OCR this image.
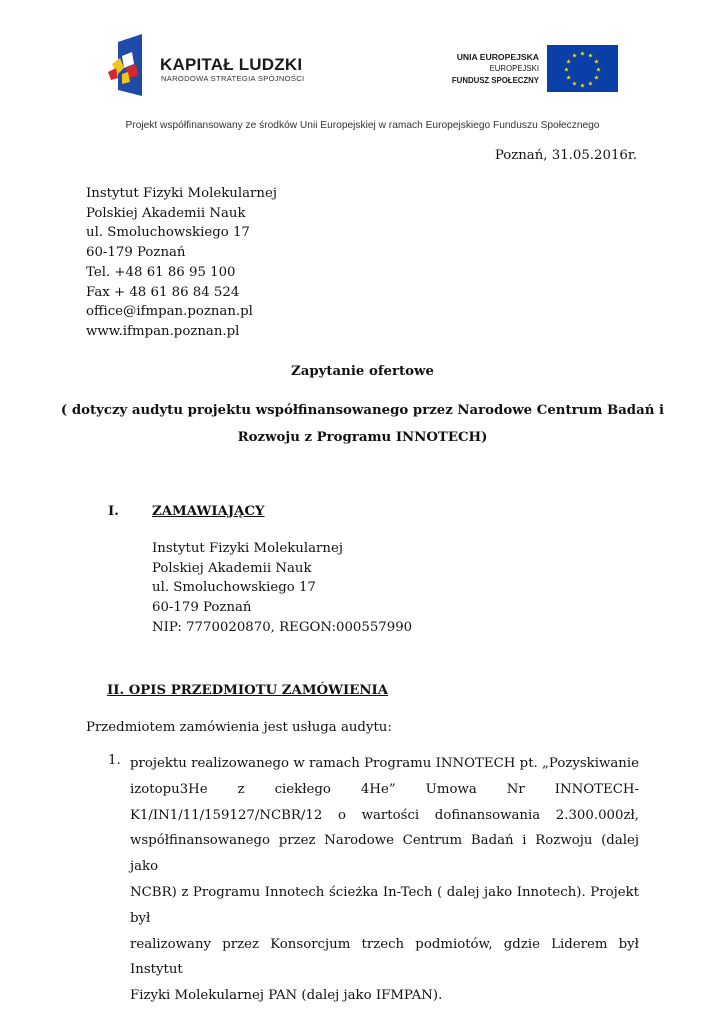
KAPITAŁ LUDZKI
NARODOWA STRATEGIA SPÓJNOŚCI
UNIA EUROPEJSKA
EUROPEJSKI
FUNDUSZ SPOŁECZNY
★ ★
★
★
★
★
★
★
★
★
★
★
Projekt współfinansowany ze środków Unii Europejskiej w ramach Europejskiego Funduszu Społecznego
Poznań, 31.05.2016r.
Instytut Fizyki Molekularnej
Polskiej Akademii Nauk
ul. Smoluchowskiego 17
60-179 Poznań
Tel. +48 61 86 95 100
Fax + 48 61 86 84 524
office@ifmpan.poznan.pl
www.ifmpan.poznan.pl
Zapytanie ofertowe
( dotyczy audytu projektu współfinansowanego przez Narodowe Centrum Badań i
Rozwoju z Programu INNOTECH)
I. ZAMAWIAJĄCY
Instytut Fizyki Molekularnej
Polskiej Akademii Nauk
ul. Smoluchowskiego 17
60-179 Poznań
NIP: 7770020870, REGON:000557990
II. OPIS PRZEDMIOTU ZAMÓWIENIA
Przedmiotem zamówienia jest usługa audytu:
1. projektu realizowanego w ramach Programu INNOTECH pt. „Pozyskiwanie
izotopu3He z ciekłego 4He” Umowa Nr INNOTECH-
K1/IN1/11/159127/NCBR/12 o wartości dofinansowania 2.300.000zł,
współfinansowanego przez Narodowe Centrum Badań i Rozwoju (dalej jako
NCBR) z Programu Innotech ścieżka In-Tech ( dalej jako Innotech). Projekt był
realizowany przez Konsorcjum trzech podmiotów, gdzie Liderem był Instytut
Fizyki Molekularnej PAN (dalej jako IFMPAN).
